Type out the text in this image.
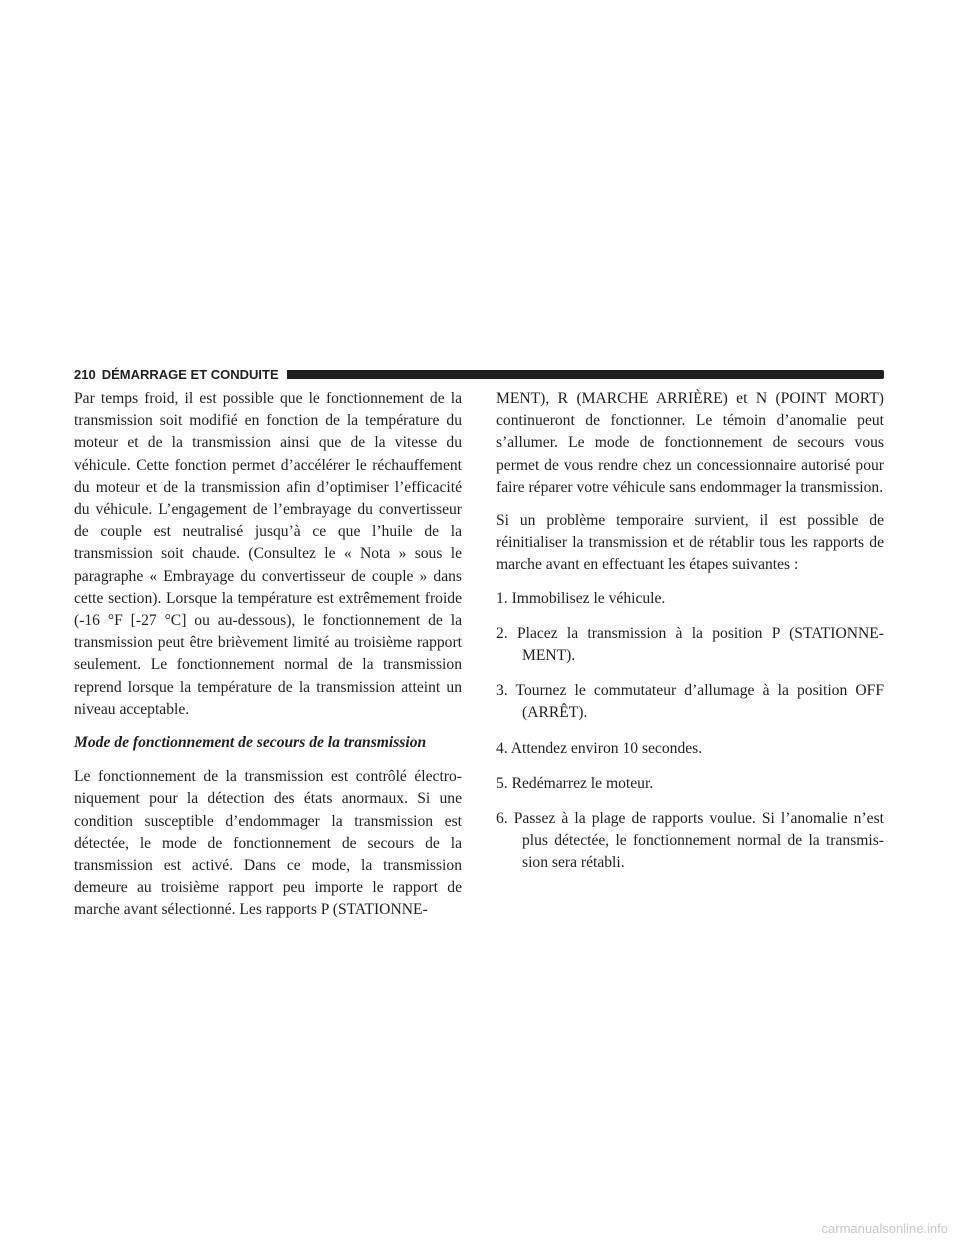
210 DÉMARRAGE ET CONDUITE

Par temps froid, il est possible que le fonctionnement de la transmission soit modifié en fonction de la température du moteur et de la transmission ainsi que de la vitesse du véhicule. Cette fonction permet d’accélérer le réchauffement du moteur et de la transmission afin d’optimiser l’efficacité du véhicule. L’engagement de l’embrayage du convertisseur de couple est neutralisé jusqu’à ce que l’huile de la transmission soit chaude. (Consultez le « Nota » sous le paragraphe « Embrayage du convertisseur de couple » dans cette section). Lorsque la température est extrêmement froide (-16 °F [-27 °C] ou au-dessous), le fonctionnement de la transmission peut être brièvement limité au troisième rapport seulement. Le fonctionnement normal de la transmission reprend lorsque la température de la transmission atteint un niveau acceptable.

Mode de fonctionnement de secours de la transmission

Le fonctionnement de la transmission est contrôlé électroniquement pour la détection des états anormaux. Si une condition susceptible d’endommager la transmission est détectée, le mode de fonctionnement de secours de la transmission est activé. Dans ce mode, la transmission demeure au troisième rapport peu importe le rapport de marche avant sélectionné. Les rapports P (STATIONNE-

MENT), R (MARCHE ARRIÈRE) et N (POINT MORT) continueront de fonctionner. Le témoin d’anomalie peut s’allumer. Le mode de fonctionnement de secours vous permet de vous rendre chez un concessionnaire autorisé pour faire réparer votre véhicule sans endommager la transmission.

Si un problème temporaire survient, il est possible de réinitialiser la transmission et de rétablir tous les rapports de marche avant en effectuant les étapes suivantes :

1. Immobilisez le véhicule.
2. Placez la transmission à la position P (STATIONNEMENT).
3. Tournez le commutateur d’allumage à la position OFF (ARRÊT).
4. Attendez environ 10 secondes.
5. Redémarrez le moteur.
6. Passez à la plage de rapports voulue. Si l’anomalie n’est plus détectée, le fonctionnement normal de la transmission sera rétabli.
carmanualsonline.info
